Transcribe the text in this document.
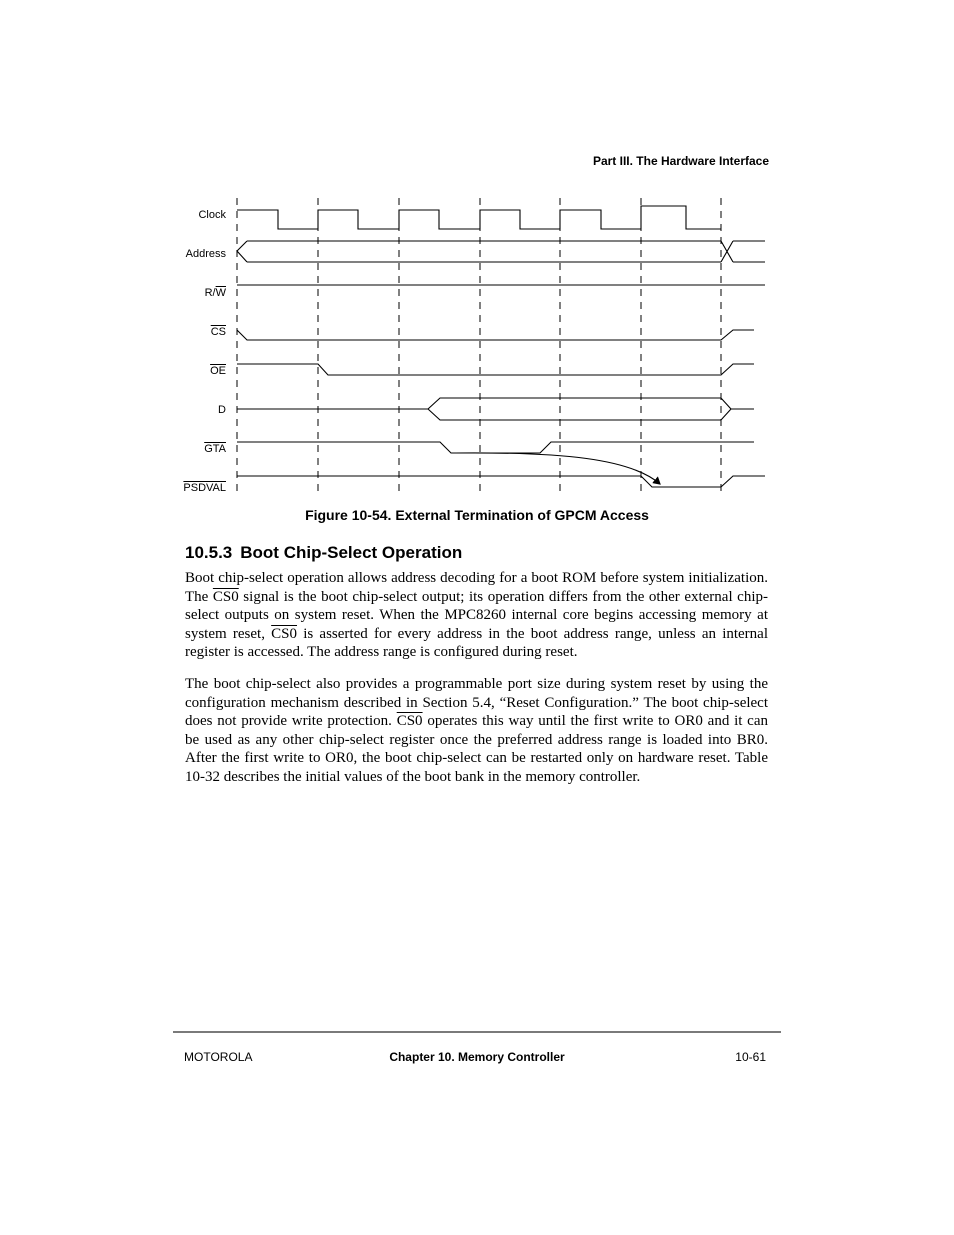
Part III. The Hardware Interface
Clock
Address
$R/\overline{W}$
$\overline{CS}$
$\overline{OE}$
D
$\overline{GTA}$
PSDVAL
Figure 10-54. External Termination of GPCM Access
10.5.3 Boot Chip-Select Operation

Boot chip-select operation allows address decoding for a boot ROM before system initialization. The CS0 signal is the boot chip-select output; its operation differs from the other external chip-select outputs on system reset. When the MPC8260 internal core begins accessing memory at system reset, CS0 is asserted for every address in the boot address range, unless an internal register is accessed. The address range is configured during reset.

The boot chip-select also provides a programmable port size during system reset by using the configuration mechanism described in Section 5.4, “Reset Configuration.” The boot chip-select does not provide write protection. CS0 operates this way until the first write to OR0 and it can be used as any other chip-select register once the preferred address range is loaded into BR0. After the first write to OR0, the boot chip-select can be restarted only on hardware reset. Table 10-32 describes the initial values of the boot bank in the memory controller.

MOTOROLA	Chapter 10. Memory Controller	10-61
